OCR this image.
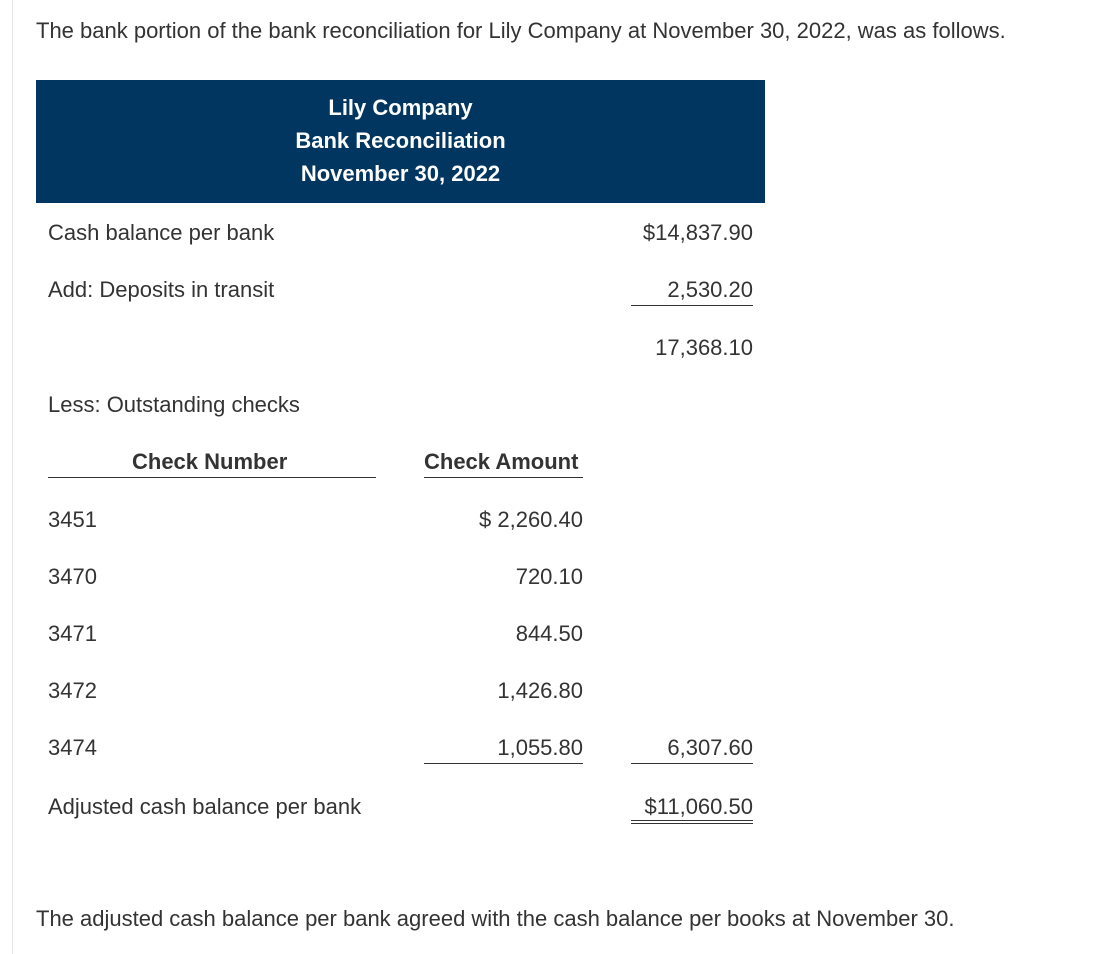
The bank portion of the bank reconciliation for Lily Company at November 30, 2022, was as follows.
Lily Company
Bank Reconciliation
November 30, 2022
Cash balance per bank	$14,837.90
Add: Deposits in transit	2,530.20
17,368.10
Less: Outstanding checks
Check Number	Check Amount
3451	$ 2,260.40
3470	720.10
3471	844.50
3472	1,426.80
3474	1,055.80	6,307.60
Adjusted cash balance per bank	$11,060.50
The adjusted cash balance per bank agreed with the cash balance per books at November 30.
